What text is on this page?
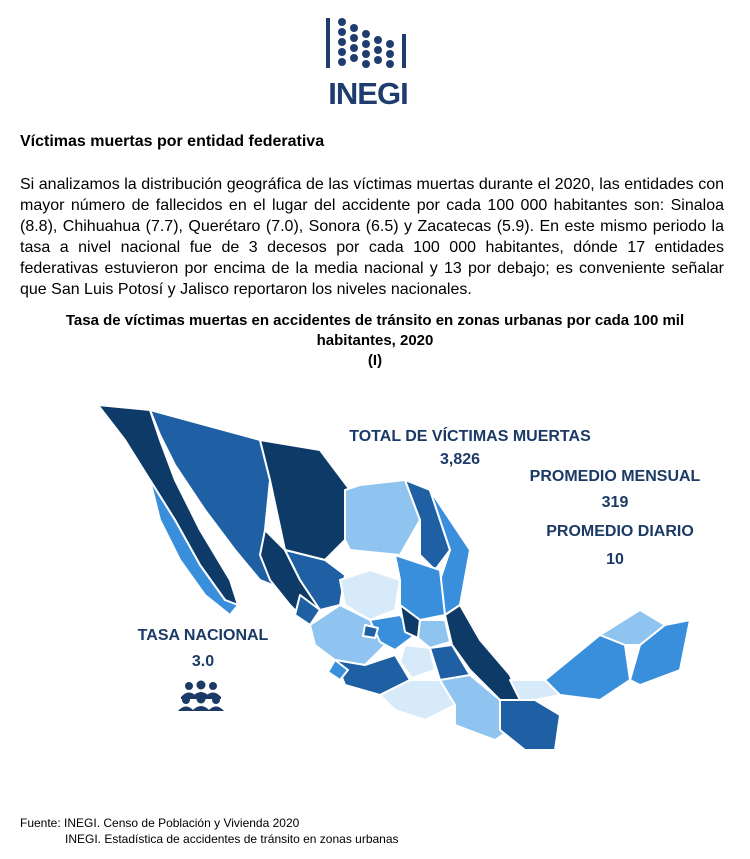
INEGI
Víctimas muertas por entidad federativa
Si analizamos la distribución geográfica de las víctimas muertas durante el 2020, las entidades con mayor número de fallecidos en el lugar del accidente por cada 100 000 habitantes son: Sinaloa (8.8), Chihuahua (7.7), Querétaro (7.0), Sonora (6.5) y Zacatecas (5.9). En este mismo periodo la tasa a nivel nacional fue de 3 decesos por cada 100 000 habitantes, dónde 17 entidades federativas estuvieron por encima de la media nacional y 13 por debajo; es conveniente señalar que San Luis Potosí y Jalisco reportaron los niveles nacionales.
Tasa de víctimas muertas en accidentes de tránsito en zonas urbanas por cada 100 mil
habitantes, 2020
(I)
TOTAL DE VÍCTIMAS MUERTAS
3,826
PROMEDIO MENSUAL
319
PROMEDIO DIARIO
10
TASA NACIONAL
3.0
Fuente: INEGI. Censo de Población y Vivienda 2020
INEGI. Estadística de accidentes de tránsito en zonas urbanas
